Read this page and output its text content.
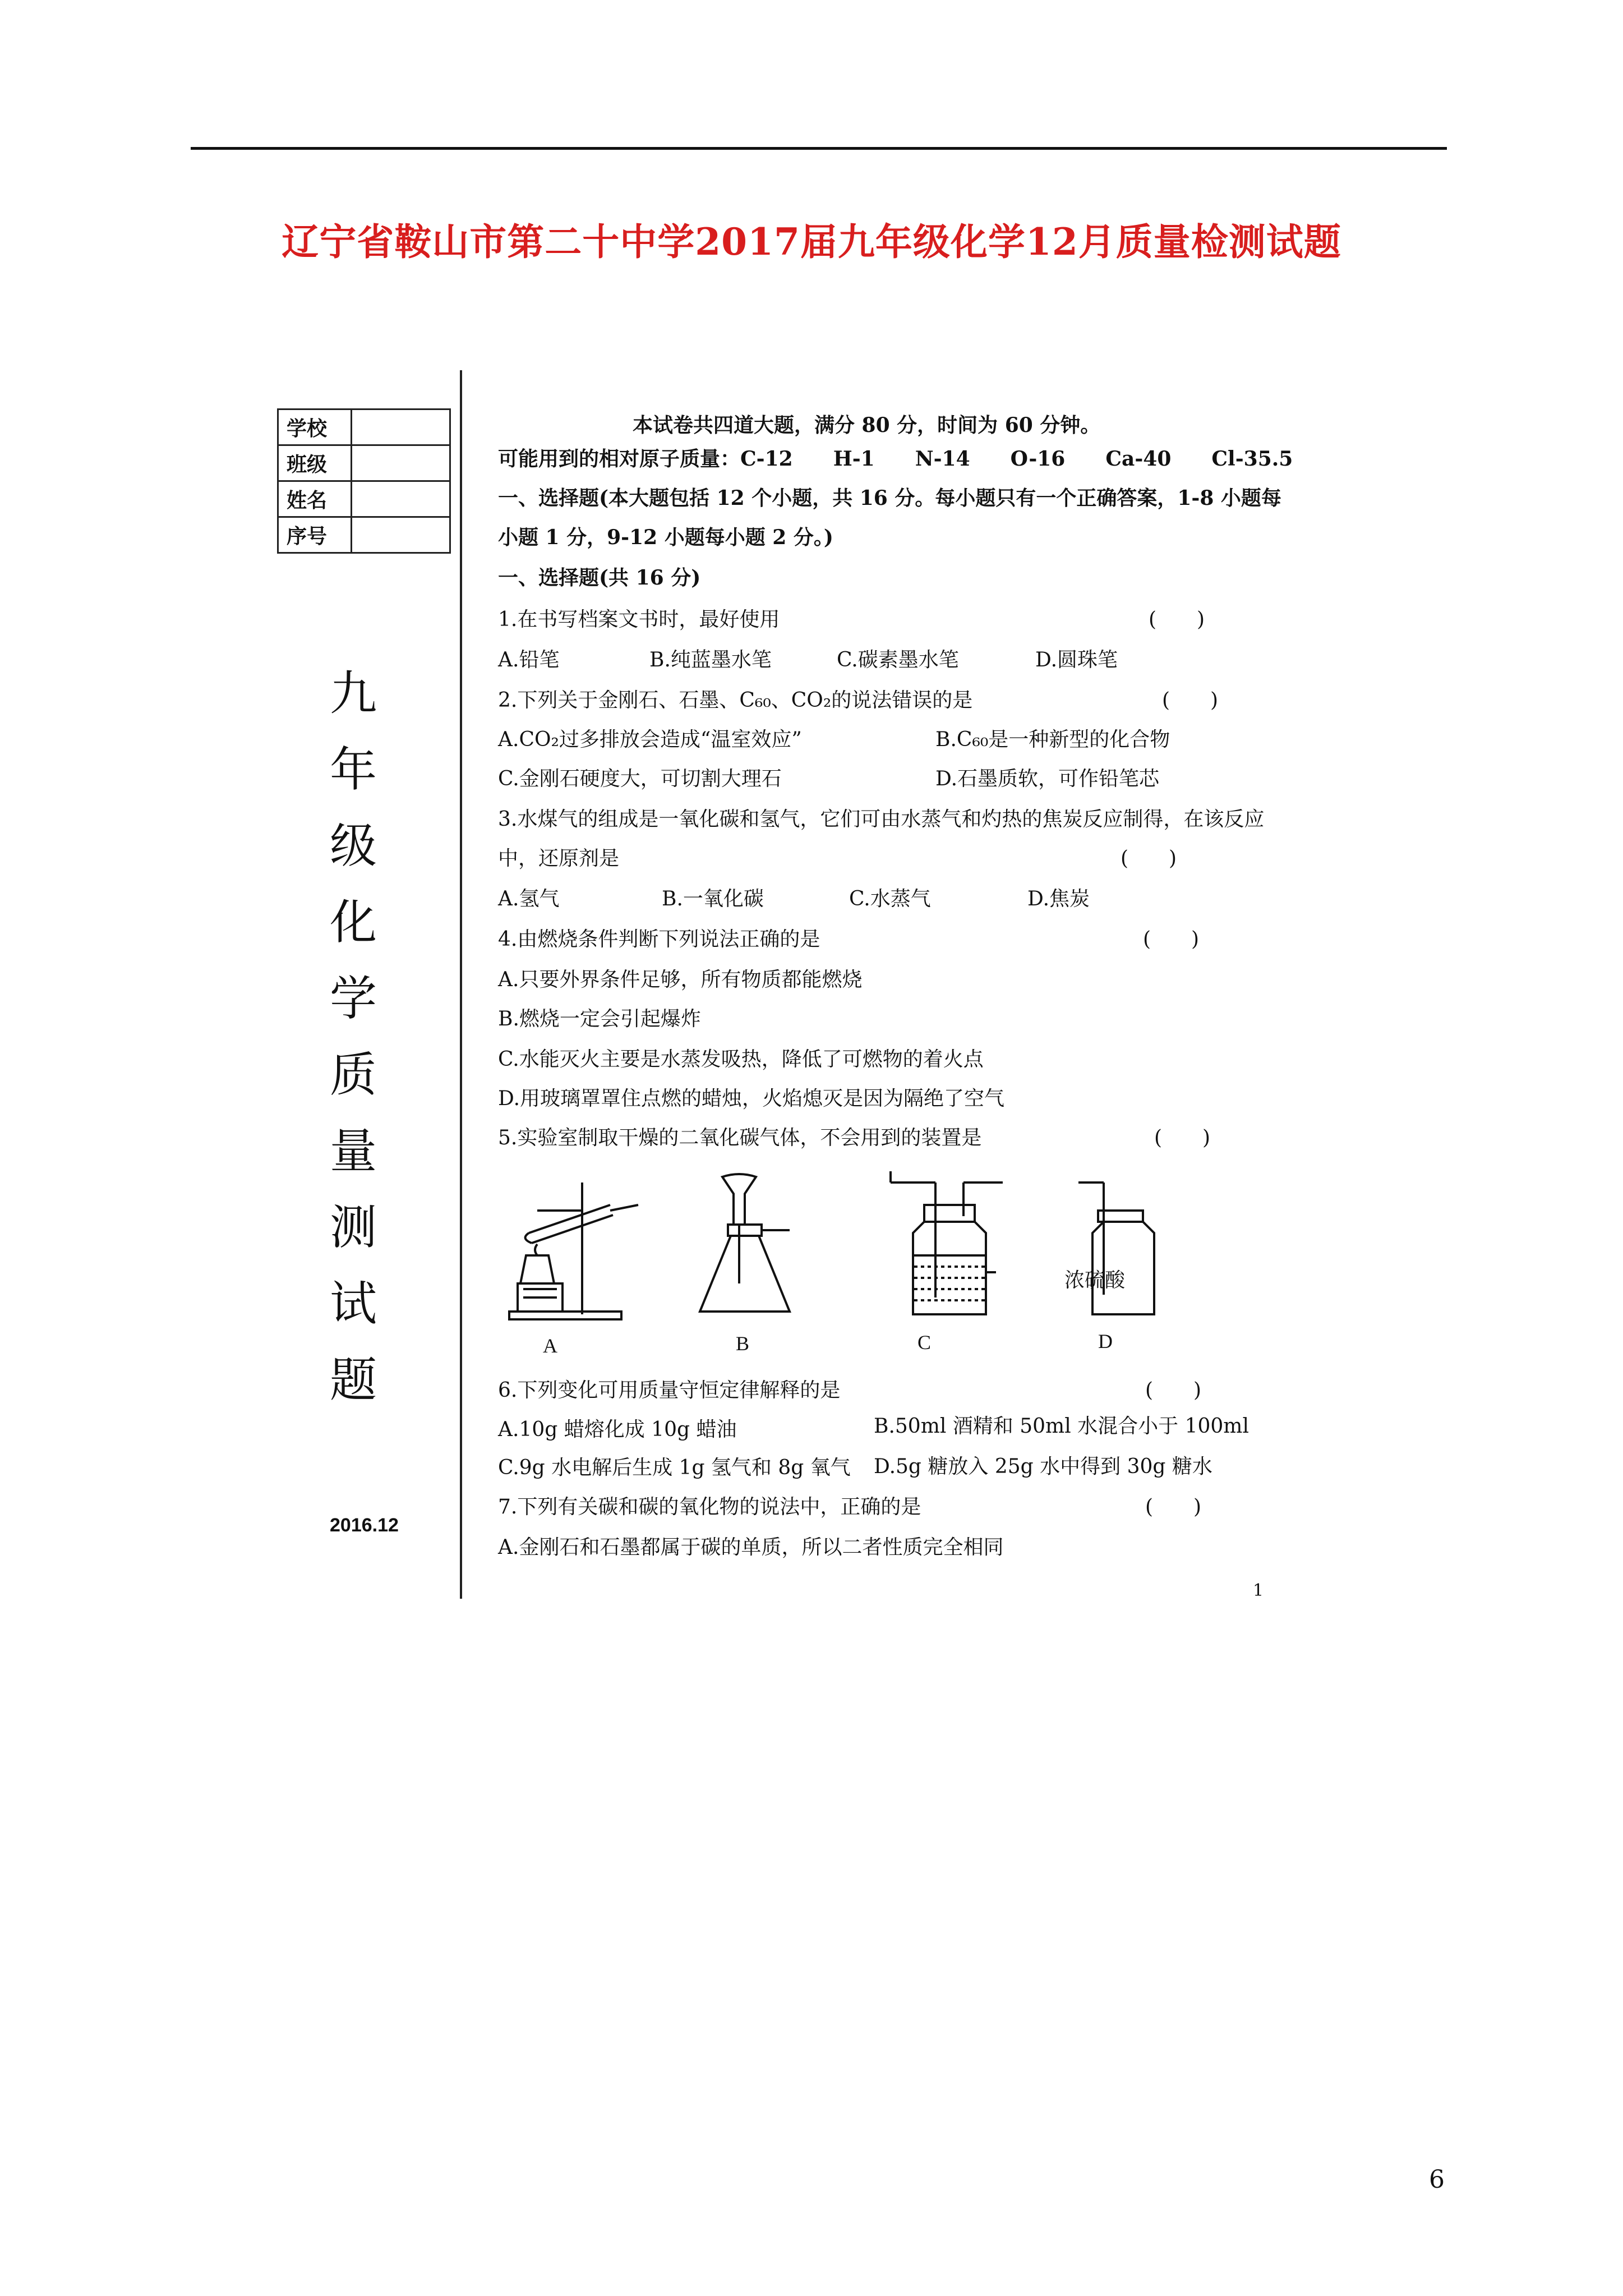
辽宁省鞍山市第二十中学2017届九年级化学12月质量检测试题
学校	
班级	
姓名	
序号	
九
年
级
化
学
质
量
测
试
题
2016.12
本试卷共四道大题，满分 80 分，时间为 60 分钟。
可能用到的相对原子质量：C-12　　H-1　　N-14　　O-16　　Ca-40　　Cl-35.5
一、选择题(本大题包括 12 个小题，共 16 分。每小题只有一个正确答案，1-8 小题每
小题 1 分，9-12 小题每小题 2 分。)
一、选择题(共 16 分)
1.在书写档案文书时，最好使用	(　　)
A.铅笔	B.纯蓝墨水笔	C.碳素墨水笔	D.圆珠笔
2.下列关于金刚石、石墨、C₆₀、CO₂的说法错误的是	(　　)
A.CO₂过多排放会造成“温室效应”	B.C₆₀是一种新型的化合物
C.金刚石硬度大，可切割大理石	D.石墨质软，可作铅笔芯
3.水煤气的组成是一氧化碳和氢气，它们可由水蒸气和灼热的焦炭反应制得，在该反应
中，还原剂是	(　　)
A.氢气	B.一氧化碳	C.水蒸气	D.焦炭
4.由燃烧条件判断下列说法正确的是	(　　)
A.只要外界条件足够，所有物质都能燃烧
B.燃烧一定会引起爆炸
C.水能灭火主要是水蒸发吸热，降低了可燃物的着火点
D.用玻璃罩罩住点燃的蜡烛，火焰熄灭是因为隔绝了空气
5.实验室制取干燥的二氧化碳气体，不会用到的装置是	(　　)
6.下列变化可用质量守恒定律解释的是	(　　)
A.10g 蜡熔化成 10g 蜡油	B.50ml 酒精和 50ml 水混合小于 100ml
C.9g 水电解后生成 1g 氢气和 8g 氧气 D.5g 糖放入 25g 水中得到 30g 糖水
7.下列有关碳和碳的氧化物的说法中，正确的是	(　　)
A.金刚石和石墨都属于碳的单质，所以二者性质完全相同
浓硫酸
A	B	C	D
1
6
